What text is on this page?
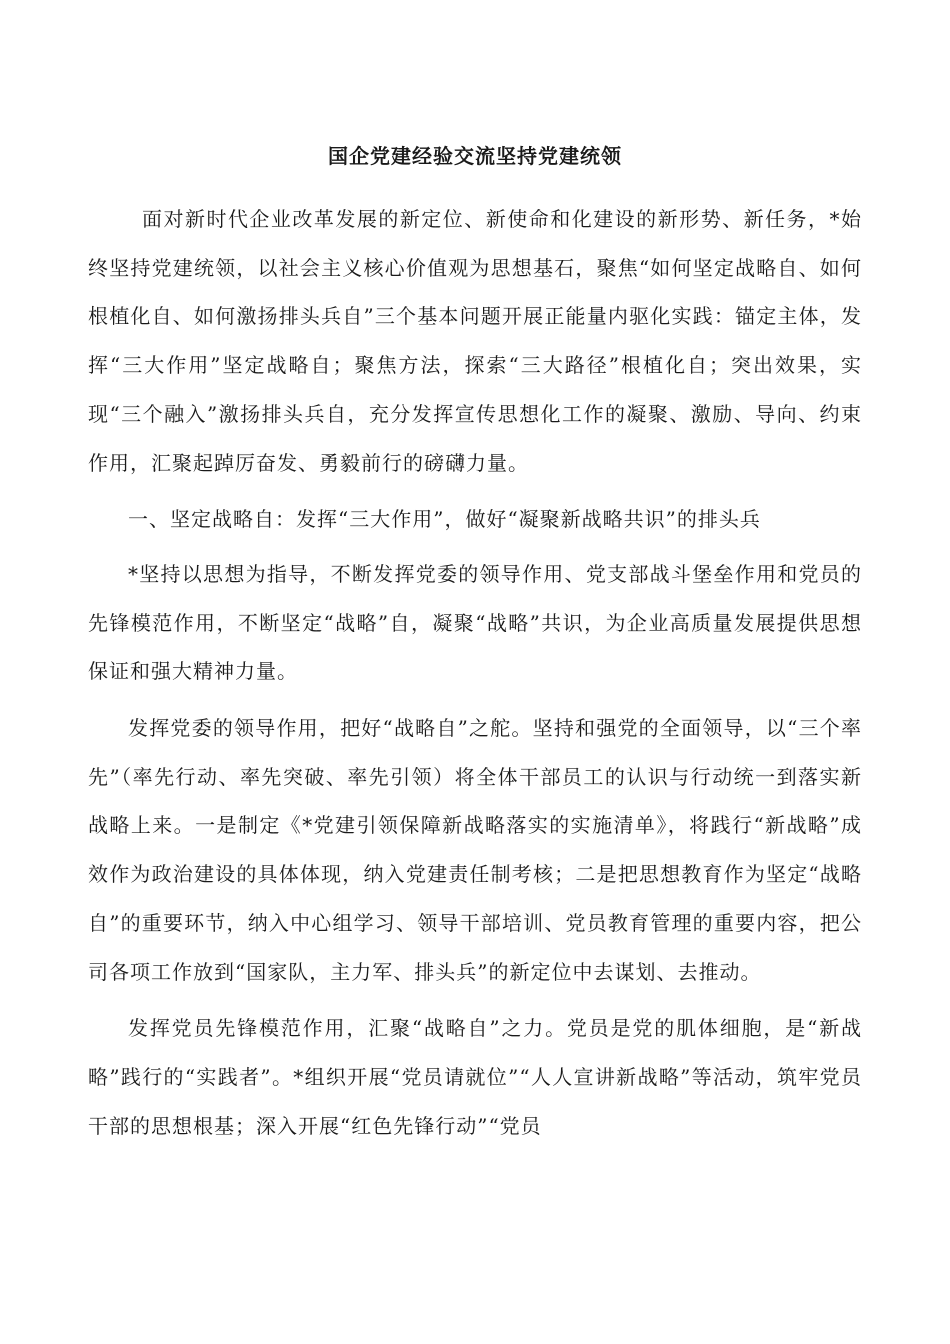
国企党建经验交流坚持党建统领

面对新时代企业改革发展的新定位、新使命和化建设的新形势、新任务，*始终坚持党建统领，以社会主义核心价值观为思想基石，聚焦“如何坚定战略自、如何根植化自、如何激扬排头兵自”三个基本问题开展正能量内驱化实践：锚定主体，发挥“三大作用”坚定战略自；聚焦方法，探索“三大路径”根植化自；突出效果，实现“三个融入”激扬排头兵自，充分发挥宣传思想化工作的凝聚、激励、导向、约束作用，汇聚起踔厉奋发、勇毅前行的磅礴力量。

一、坚定战略自：发挥“三大作用”，做好“凝聚新战略共识”的排头兵

*坚持以思想为指导，不断发挥党委的领导作用、党支部战斗堡垒作用和党员的先锋模范作用，不断坚定“战略”自，凝聚“战略”共识，为企业高质量发展提供思想保证和强大精神力量。

发挥党委的领导作用，把好“战略自”之舵。坚持和强党的全面领导，以“三个率先”（率先行动、率先突破、率先引领）将全体干部员工的认识与行动统一到落实新战略上来。一是制定《*党建引领保障新战略落实的实施清单》，将践行“新战略”成效作为政治建设的具体体现，纳入党建责任制考核；二是把思想教育作为坚定“战略自”的重要环节，纳入中心组学习、领导干部培训、党员教育管理的重要内容，把公司各项工作放到“国家队，主力军、排头兵”的新定位中去谋划、去推动。

发挥党员先锋模范作用，汇聚“战略自”之力。党员是党的肌体细胞，是“新战略”践行的“实践者”。*组织开展“党员请就位”“人人宣讲新战略”等活动，筑牢党员干部的思想根基；深入开展“红色先锋行动”“党员
